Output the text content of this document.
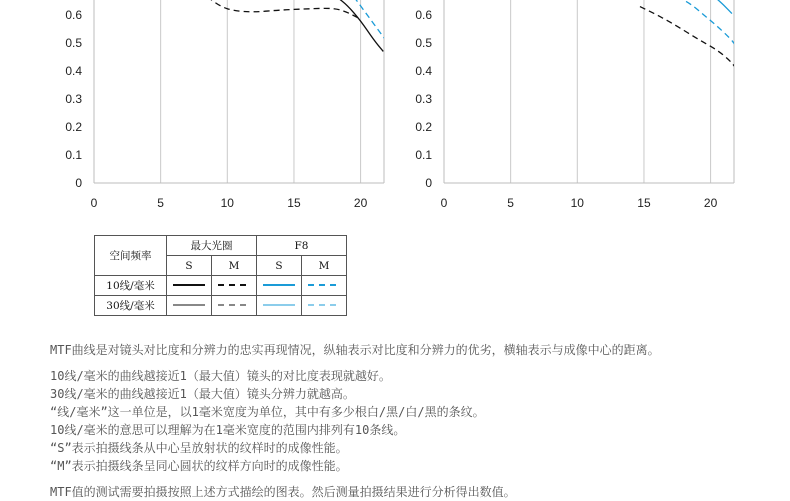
0	5	10	15	20
0
0.1
0.2
0.3
0.4
0.5
0.6
0	5	10	15	20
0
0.1
0.2
0.3
0.4
0.5
0.6
空间频率	最大光圈		F8	
	S	M	S	M
10线/毫米				
30线/毫米				

MTF曲线是对镜头对比度和分辨力的忠实再现情况，纵轴表示对比度和分辨力的优劣，横轴表示与成像中心的距离。

10线/毫米的曲线越接近1（最大值）镜头的对比度表现就越好。

30线/毫米的曲线越接近1（最大值）镜头分辨力就越高。

“线/毫米”这一单位是，以1毫米宽度为单位，其中有多少根白/黑/白/黑的条纹。

10线/毫米的意思可以理解为在1毫米宽度的范围内排列有10条线。

“S”表示拍摄线条从中心呈放射状的纹样时的成像性能。

“M”表示拍摄线条呈同心圆状的纹样方向时的成像性能。

MTF值的测试需要拍摄按照上述方式描绘的图表。然后测量拍摄结果进行分析得出数值。
